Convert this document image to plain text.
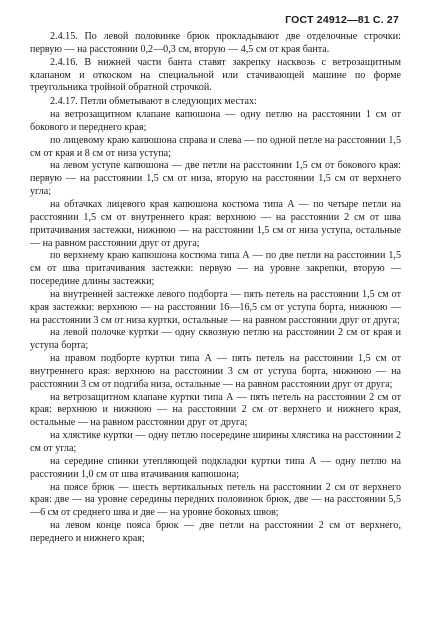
ГОСТ 24912—81 С. 27

2.4.15. По левой половинке брюк прокладывают две отделочные строчки: первую — на расстоянии 0,2—0,3 см, вторую — 4,5 см от края банта.

2.4.16. В нижней части банта ставят закрепку насквозь с ветрозащитным клапаном и откоском на специальной или стачивающей машине по форме треугольника тройной обратной строчкой.

2.4.17. Петли обметывают в следующих местах:

на ветрозащитном клапане капюшона — одну петлю на расстоянии 1 см от бокового и переднего края;

по лицевому краю капюшона справа и слева — по одной петле на расстоянии 1,5 см от края и 8 см от низа уступа;

на левом уступе капюшона — две петли на расстоянии 1,5 см от бокового края: первую — на расстоянии 1,5 см от низа, вторую на расстоянии 1,5 см от верхнего угла;

на обтачках лицевого края капюшона костюма типа А — по четыре петли на расстоянии 1,5 см от внутреннего края: верхнюю — на расстоянии 2 см от шва притачивания застежки, нижнюю — на расстоянии 1,5 см от низа уступа, остальные — на равном расстоянии друг от друга;

по верхнему краю капюшона костюма типа А — по две петли на расстоянии 1,5 см от шва притачивания застежки: первую — на уровне закрепки, вторую — посередине длины застежки;

на внутренней застежке левого подборта — пять петель на расстоянии 1,5 см от края застежки: верхнюю — на расстоянии 16—16,5 см от уступа борта, нижнюю — на расстоянии 3 см от низа куртки, остальные — на равном расстоянии друг от друга;

на левой полочке куртки — одну сквозную петлю на расстоянии 2 см от края и уступа борта;

на правом подборте куртки типа А — пять петель на расстоянии 1,5 см от внутреннего края: верхнюю на расстоянии 3 см от уступа борта, нижнюю — на расстоянии 3 см от подгиба низа, остальные — на равном расстоянии друг от друга;

на ветрозащитном клапане куртки типа А — пять петель на расстоянии 2 см от края: верхнюю и нижнюю — на расстоянии 2 см от верхнего и нижнего края, остальные — на равном расстоянии друг от друга;

на хлястике куртки — одну петлю посередине ширины хлястика на расстоянии 2 см от угла;

на середине спинки утепляющей подкладки куртки типа А — одну петлю на расстоянии 1,0 см от шва втачивания капюшона;

на поясе брюк — шесть вертикальных петель на расстоянии 2 см от верхнего края: две — на уровне середины передних половинок брюк, две — на расстоянии 5,5—6 см от среднего шва и две — на уровне боковых швов;

на левом конце пояса брюк — две петли на расстоянии 2 см от верхнего, переднего и нижнего края;
